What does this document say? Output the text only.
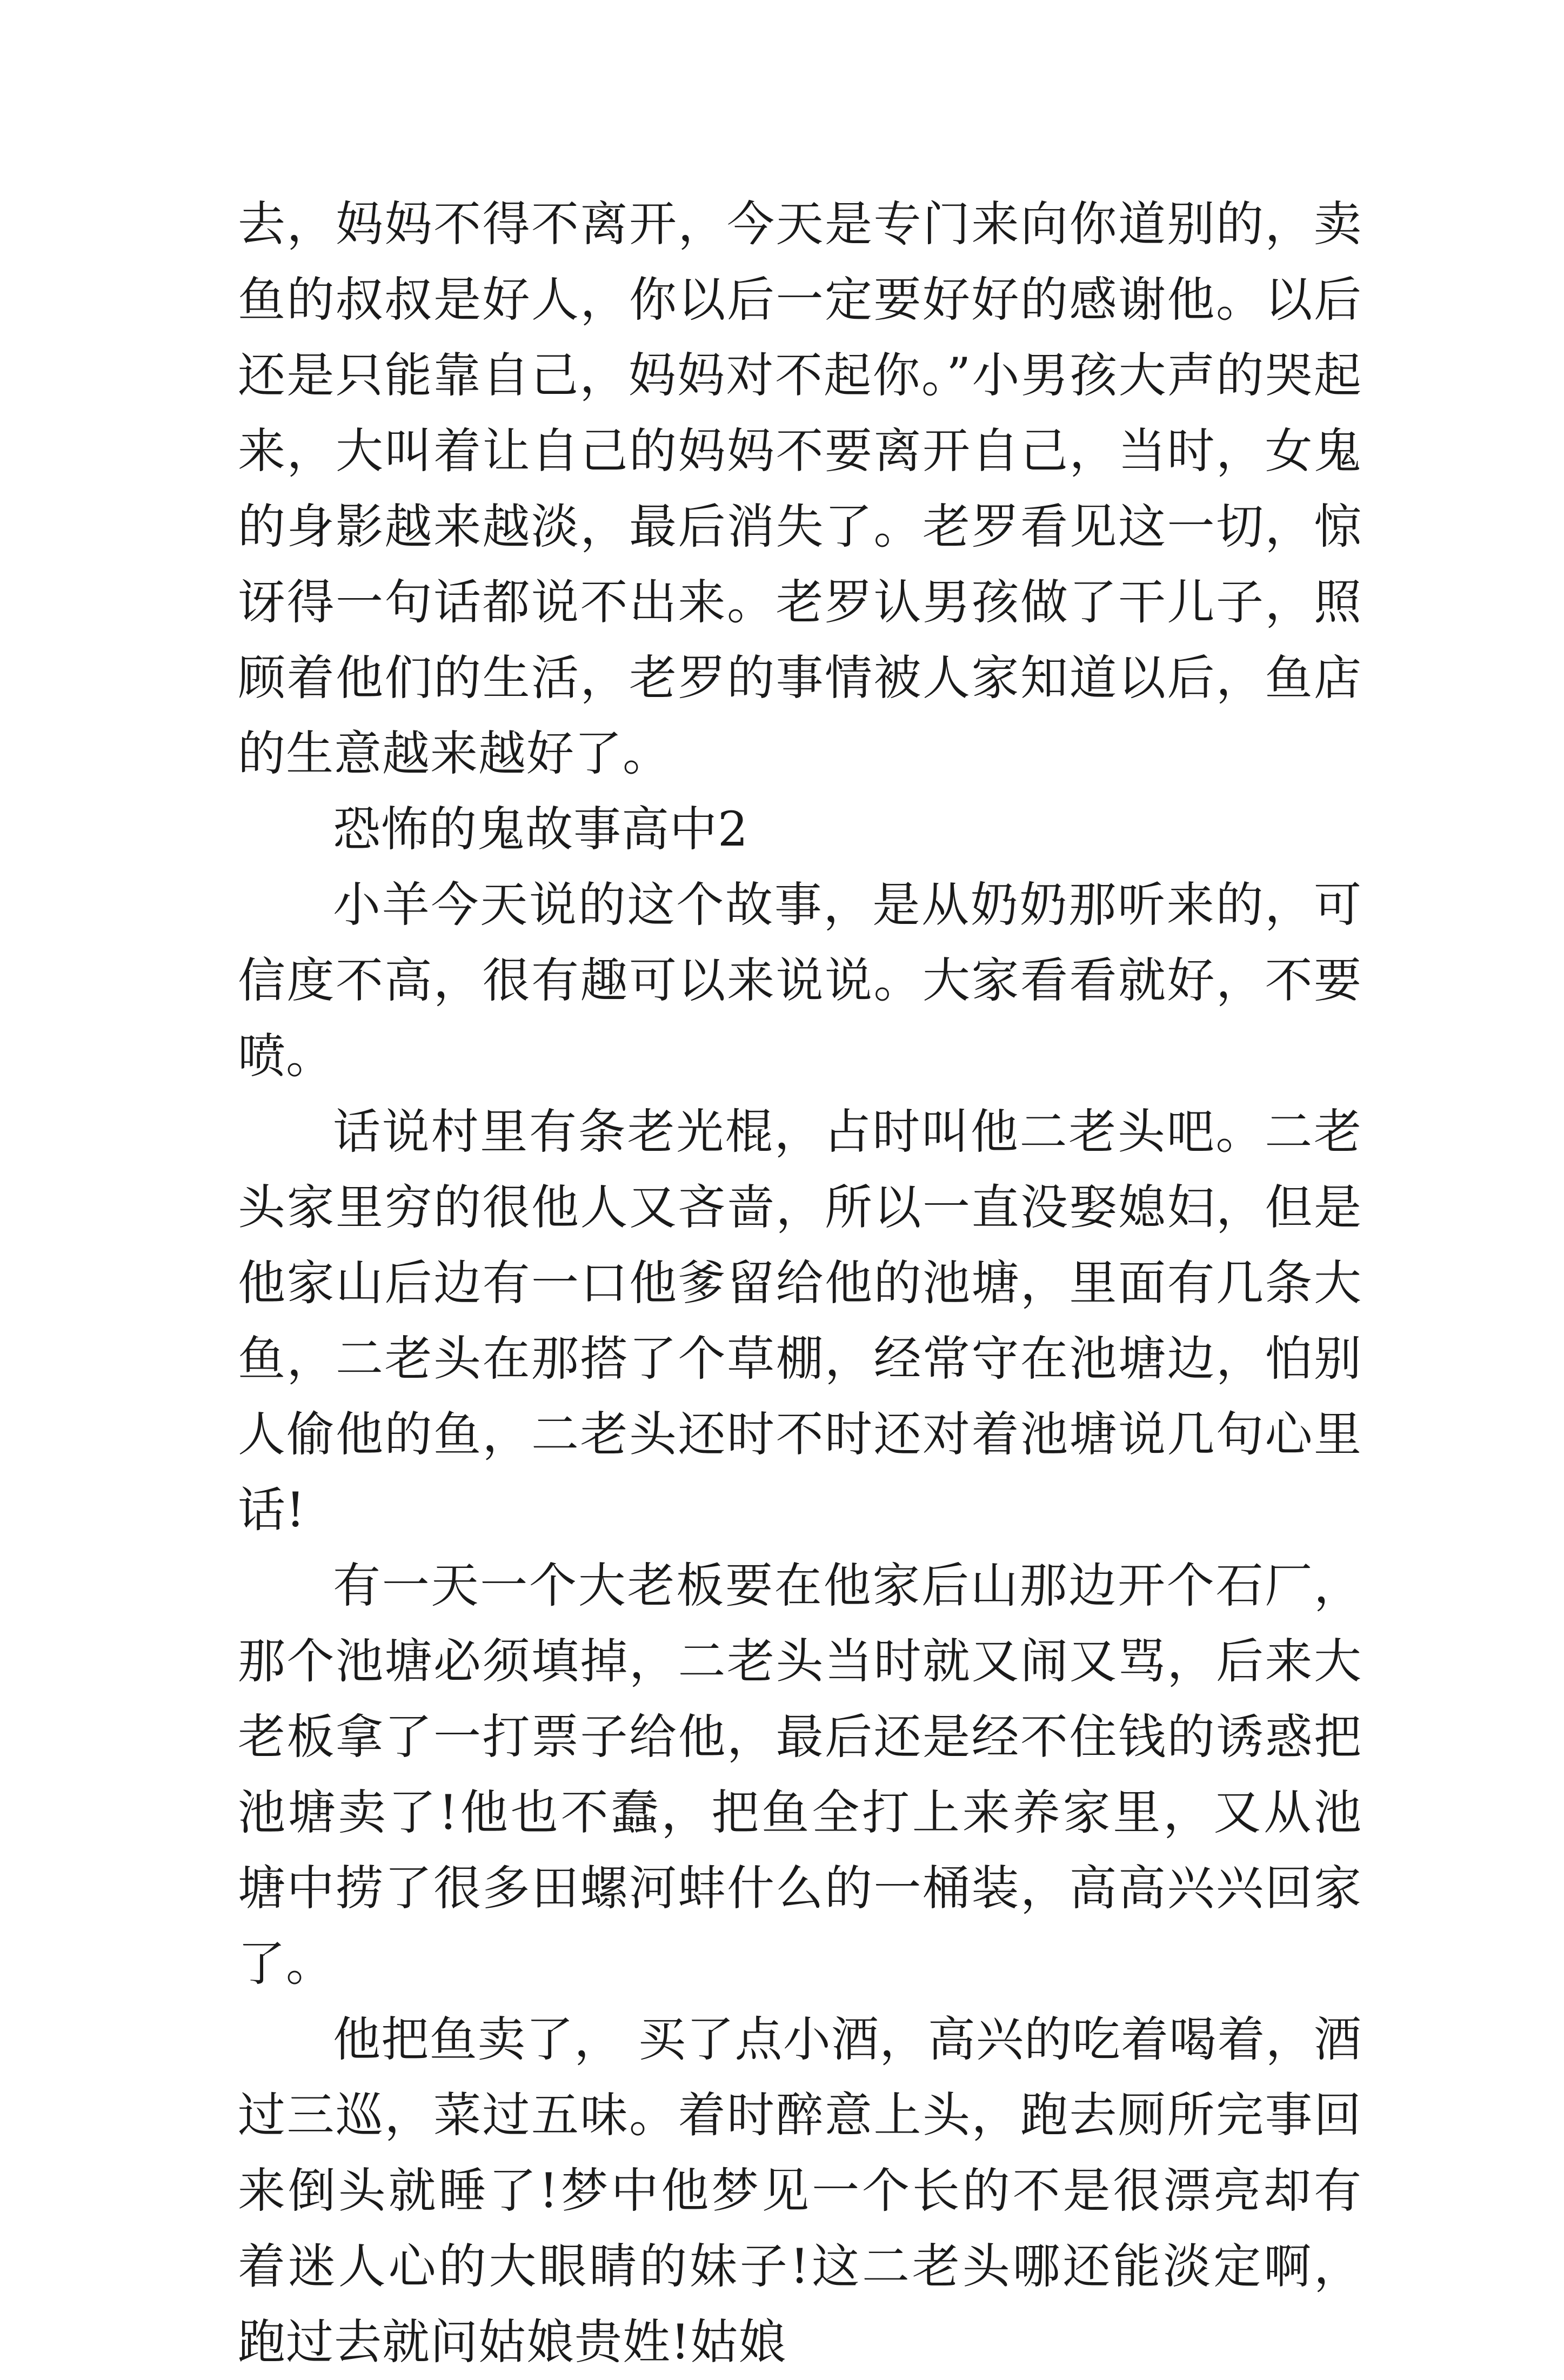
去，妈妈不得不离开，今天是专门来向你道别的，卖鱼的叔叔是好人，你以后一定要好好的感谢他。以后还是只能靠自己，妈妈对不起你。”小男孩大声的哭起来，大叫着让自己的妈妈不要离开自己，当时，女鬼的身影越来越淡，最后消失了。老罗看见这一切，惊讶得一句话都说不出来。老罗认男孩做了干儿子，照顾着他们的生活，老罗的事情被人家知道以后，鱼店的生意越来越好了。

恐怖的鬼故事高中2

小羊今天说的这个故事，是从奶奶那听来的，可信度不高，很有趣可以来说说。大家看看就好，不要喷。

话说村里有条老光棍，占时叫他二老头吧。二老头家里穷的很他人又吝啬，所以一直没娶媳妇，但是他家山后边有一口他爹留给他的池塘，里面有几条大鱼，二老头在那搭了个草棚，经常守在池塘边，怕别人偷他的鱼，二老头还时不时还对着池塘说几句心里话!

有一天一个大老板要在他家后山那边开个石厂，那个池塘必须填掉，二老头当时就又闹又骂，后来大老板拿了一打票子给他，最后还是经不住钱的诱惑把池塘卖了!他也不蠢，把鱼全打上来养家里，又从池塘中捞了很多田螺河蚌什么的一桶装，高高兴兴回家了。

他把鱼卖了， 买了点小酒，高兴的吃着喝着，酒过三巡，菜过五味。着时醉意上头，跑去厕所完事回来倒头就睡了!梦中他梦见一个长的不是很漂亮却有着迷人心的大眼睛的妹子!这二老头哪还能淡定啊，跑过去就问姑娘贵姓!姑娘
